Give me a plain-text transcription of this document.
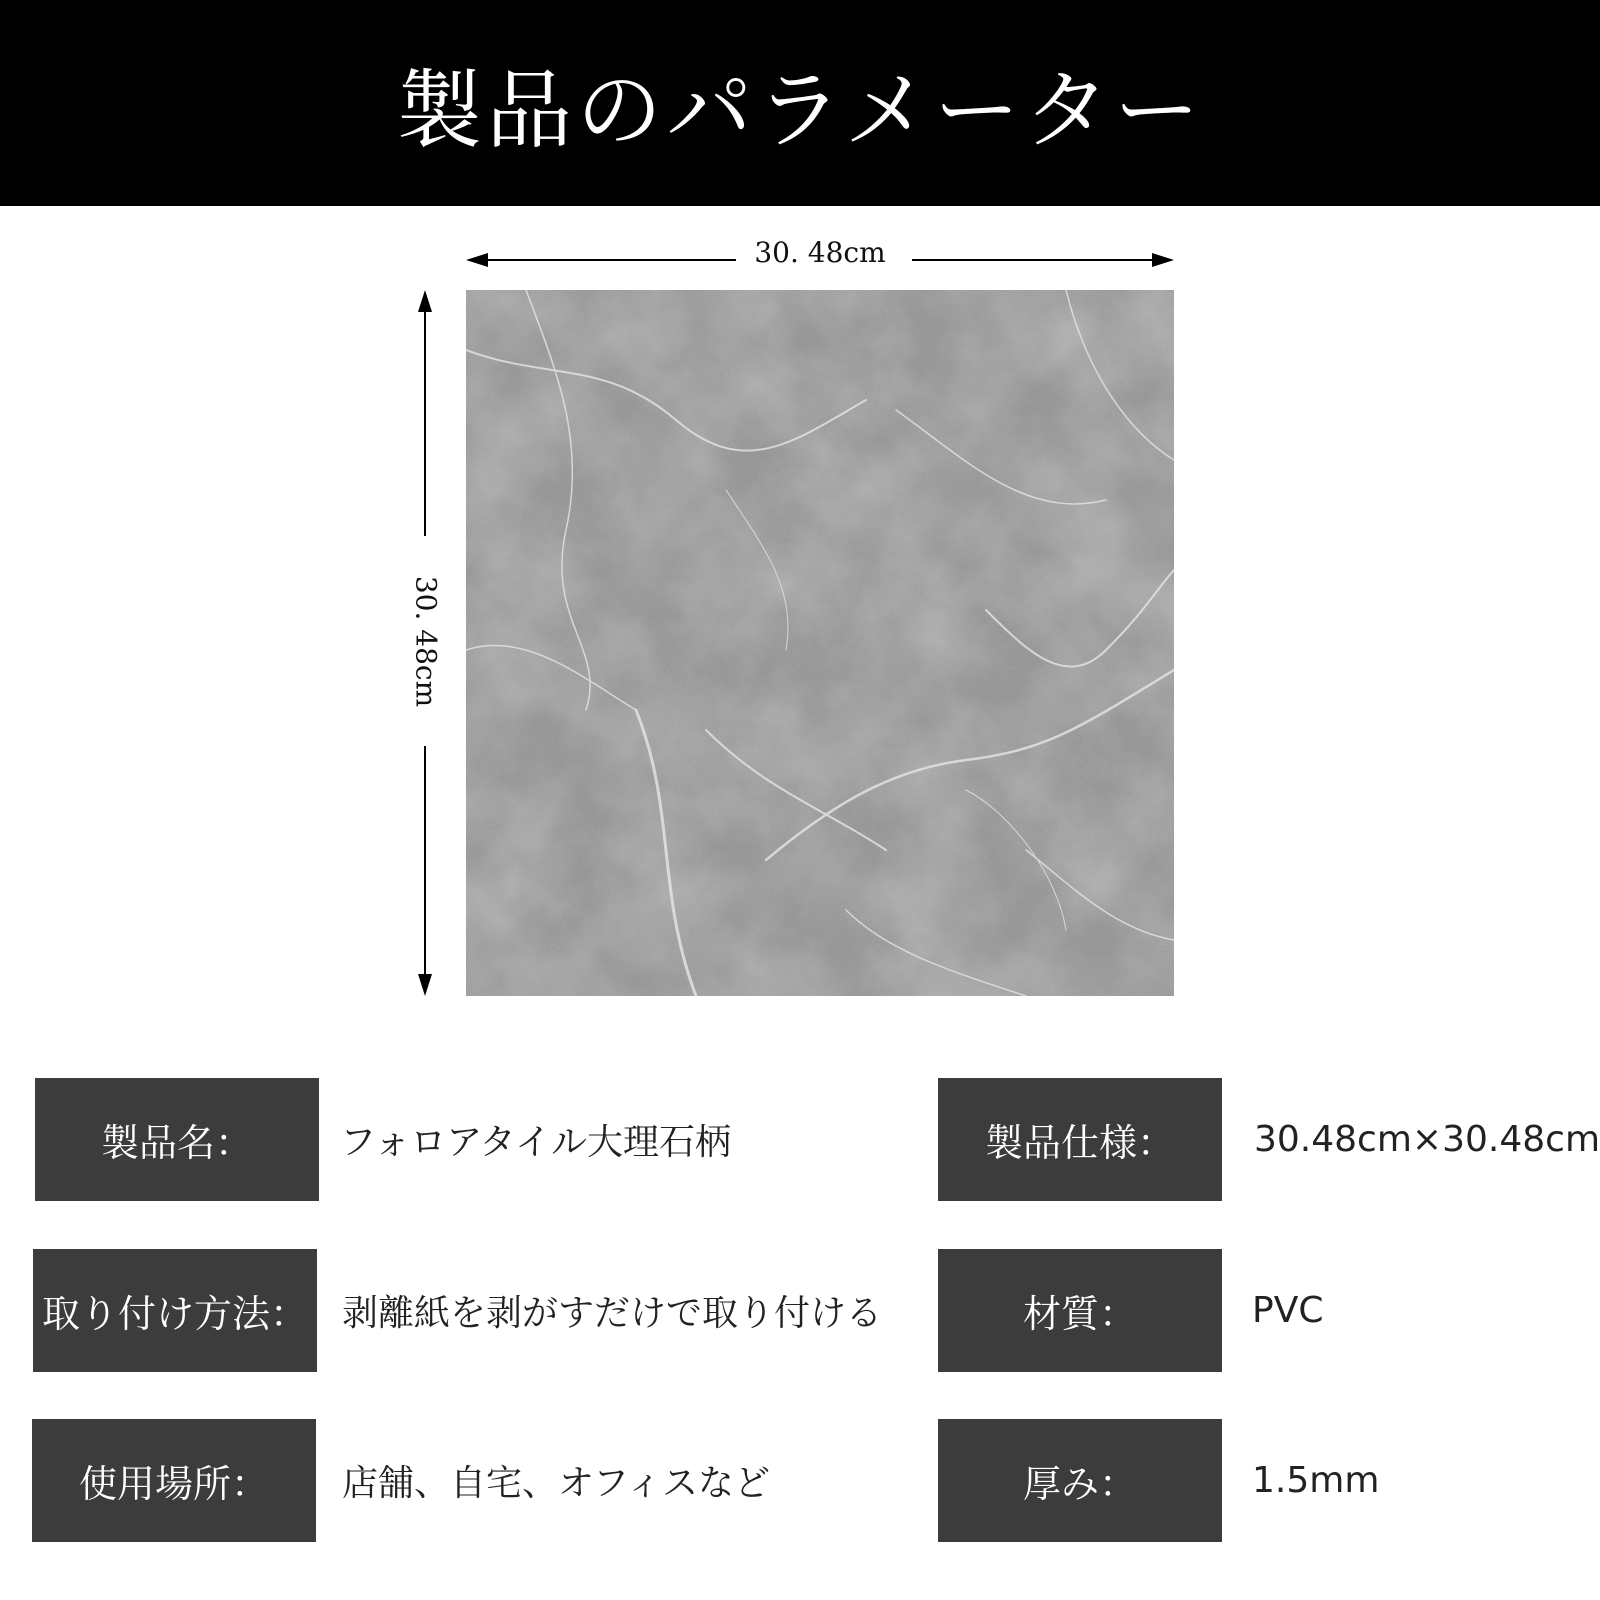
製品のパラメーター
30. 48cm
30. 48cm
製品名：	フォロアタイル大理石柄	製品仕様：	30.48cm×30.48cm
取り付け方法： 剥離紙を剥がすだけで取り付ける	材質：	PVC
使用場所：	店舗、自宅、オフィスなど	厚み：	1.5mm
